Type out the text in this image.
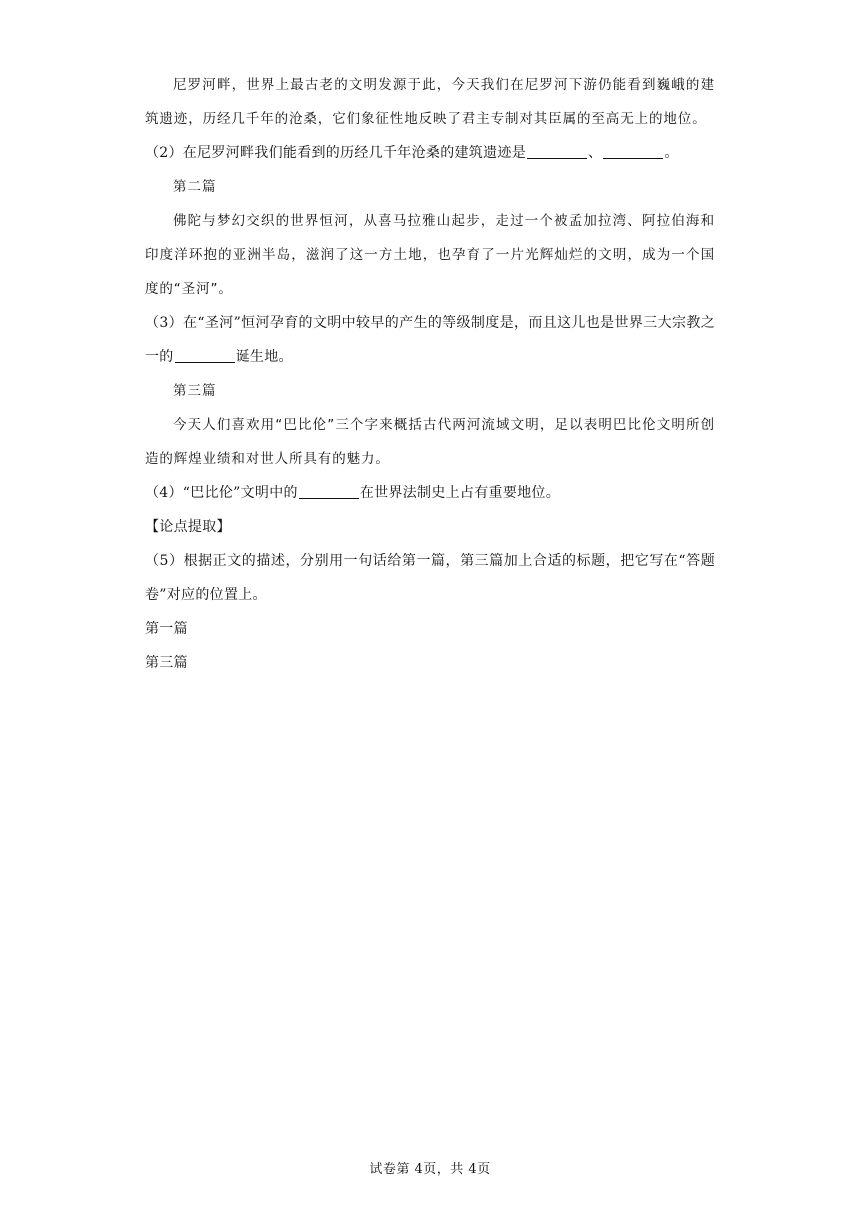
尼罗河畔，世界上最古老的文明发源于此，今天我们在尼罗河下游仍能看到巍峨的建筑遗迹，历经几千年的沧桑，它们象征性地反映了君主专制对其臣属的至高无上的地位。

（2）在尼罗河畔我们能看到的历经几千年沧桑的建筑遗迹是	、	。

第二篇

佛陀与梦幻交织的世界恒河，从喜马拉雅山起步，走过一个被孟加拉湾、阿拉伯海和印度洋环抱的亚洲半岛，滋润了这一方土地，也孕育了一片光辉灿烂的文明，成为一个国度的“圣河”。

（3）在“圣河”恒河孕育的文明中较早的产生的等级制度是，而且这儿也是世界三大宗教之一的	诞生地。

第三篇

今天人们喜欢用“巴比伦”三个字来概括古代两河流域文明，足以表明巴比伦文明所创造的辉煌业绩和对世人所具有的魅力。

（4）“巴比伦”文明中的	在世界法制史上占有重要地位。

【论点提取】

（5）根据正文的描述，分别用一句话给第一篇，第三篇加上合适的标题，把它写在“答题卷”对应的位置上。

第一篇

第三篇

试卷第 4页，共 4页
